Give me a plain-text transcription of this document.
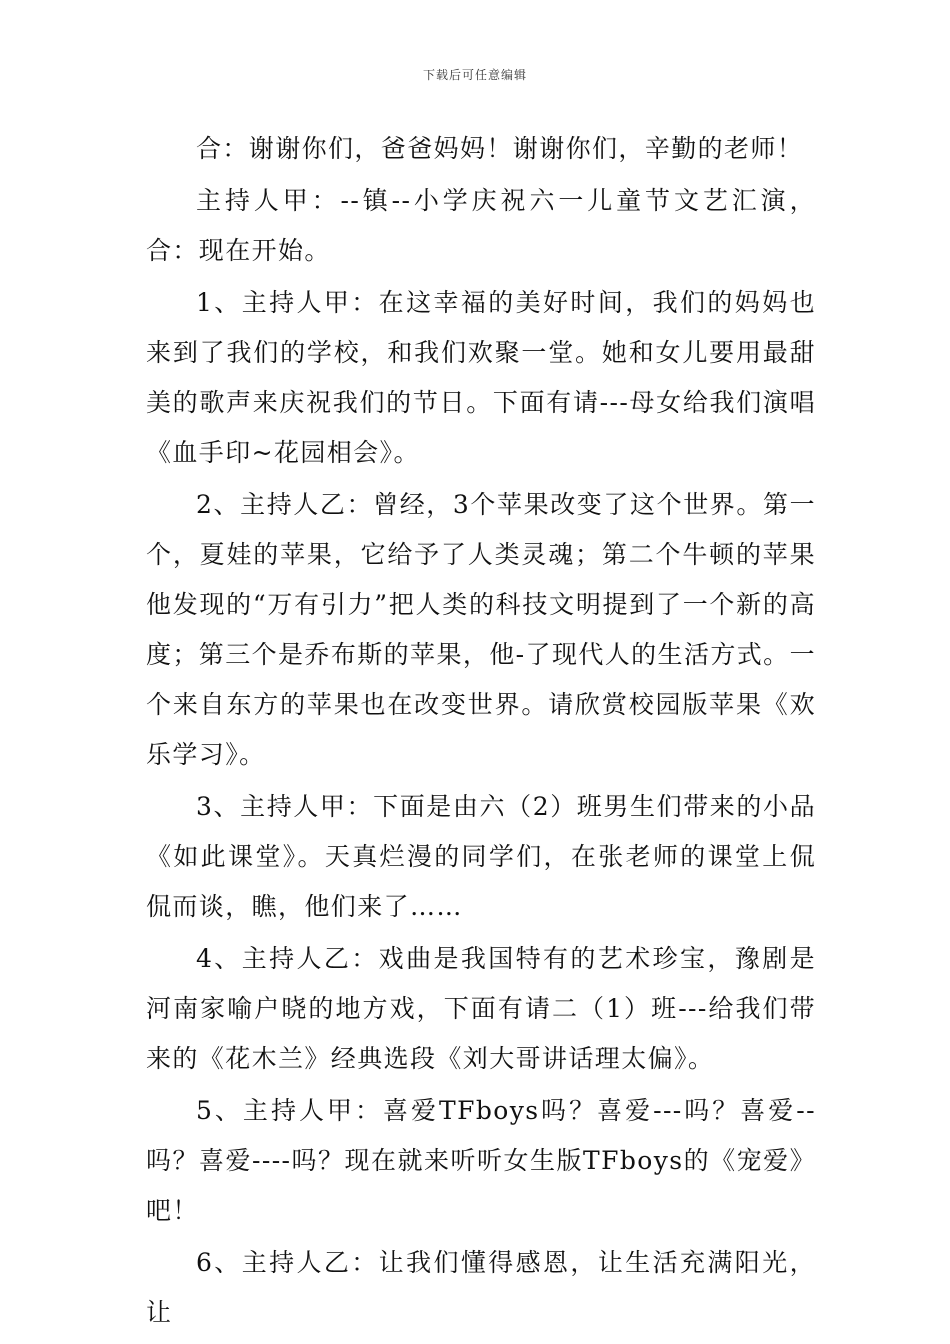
下载后可任意编辑

合：谢谢你们，爸爸妈妈！谢谢你们，辛勤的老师！

主持人甲：--镇--小学庆祝六一儿童节文艺汇演，合：现在开始。

1、主持人甲：在这幸福的美好时间，我们的妈妈也来到了我们的学校，和我们欢聚一堂。她和女儿要用最甜美的歌声来庆祝我们的节日。下面有请---母女给我们演唱《血手印~花园相会》。

2、主持人乙：曾经，3个苹果改变了这个世界。第一个，夏娃的苹果，它给予了人类灵魂；第二个牛顿的苹果他发现的“万有引力”把人类的科技文明提到了一个新的高度；第三个是乔布斯的苹果，他-了现代人的生活方式。一个来自东方的苹果也在改变世界。请欣赏校园版苹果《欢乐学习》。

3、主持人甲：下面是由六（2）班男生们带来的小品《如此课堂》。天真烂漫的同学们，在张老师的课堂上侃侃而谈，瞧，他们来了……

4、主持人乙：戏曲是我国特有的艺术珍宝，豫剧是河南家喻户晓的地方戏，下面有请二（1）班---给我们带来的《花木兰》经典选段《刘大哥讲话理太偏》。

5、主持人甲：喜爱TFboys吗？喜爱---吗？喜爱--吗？喜爱----吗？现在就来听听女生版TFboys的《宠爱》吧！

6、主持人乙：让我们懂得感恩，让生活充满阳光，让
